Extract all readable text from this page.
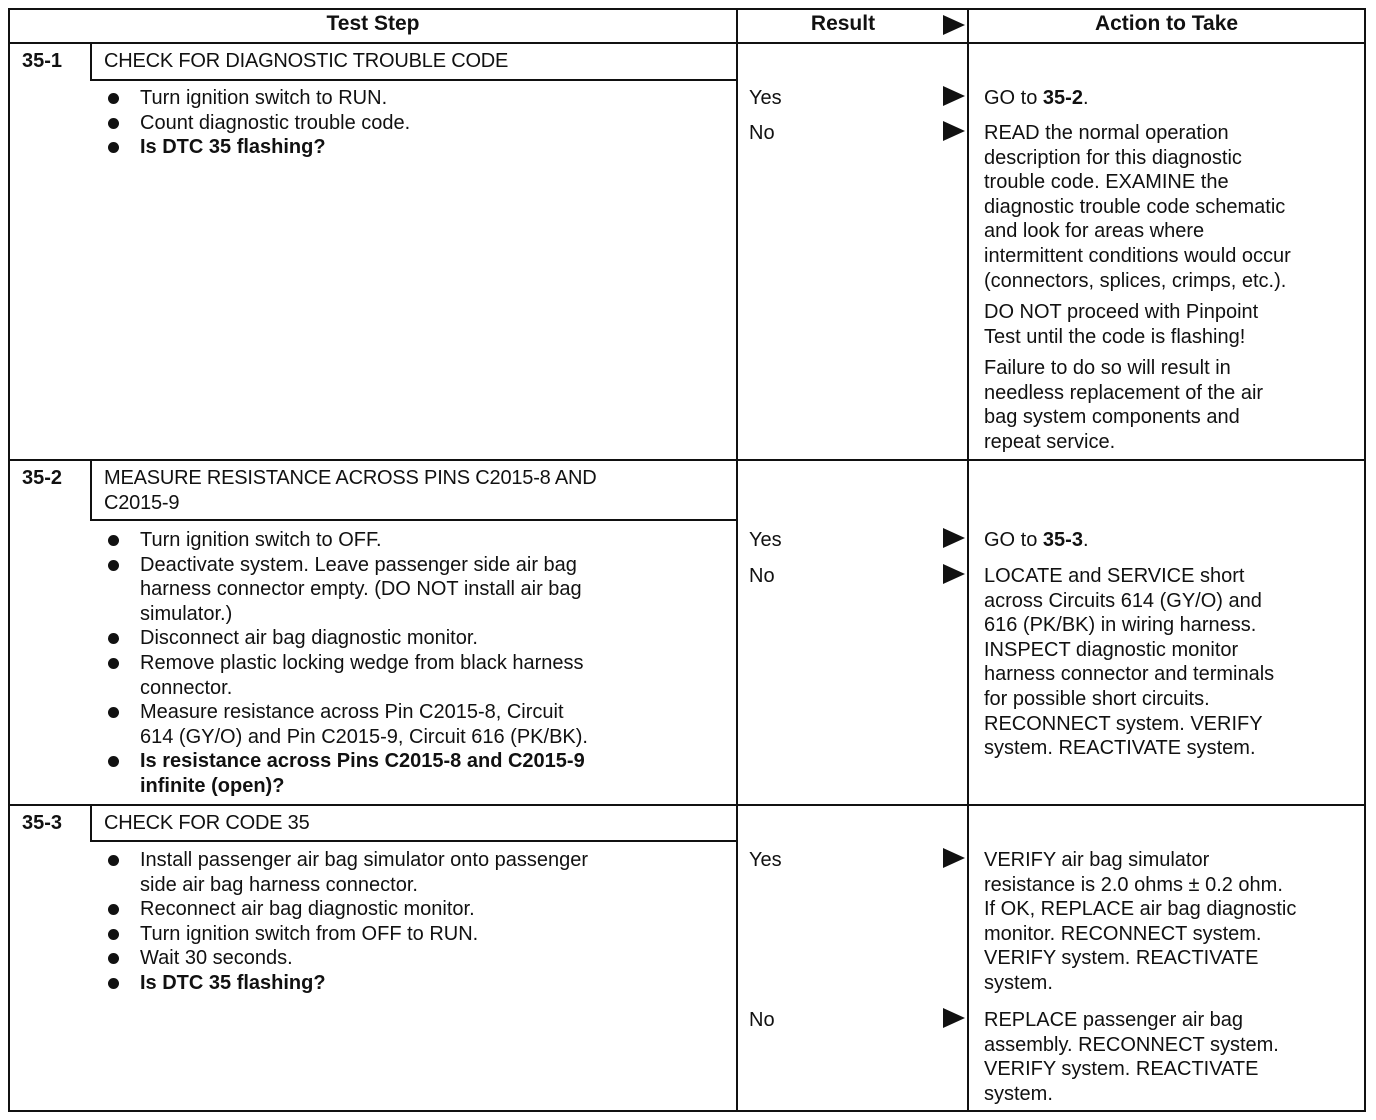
Test Step	Result	Action to Take
35-1 CHECK FOR DIAGNOSTIC TROUBLE CODE
Turn ignition switch to RUN.
Count diagnostic trouble code.
Is DTC 35 flashing?
Yes	GO to 35-2.
No	READ the normal operation
description for this diagnostic
trouble code. EXAMINE the
diagnostic trouble code schematic
and look for areas where
intermittent conditions would occur
(connectors, splices, crimps, etc.).
DO NOT proceed with Pinpoint
Test until the code is flashing!
Failure to do so will result in
needless replacement of the air
bag system components and
repeat service.
35-2 MEASURE RESISTANCE ACROSS PINS C2015-8 AND
C2015-9
Turn ignition switch to OFF.
Deactivate system. Leave passenger side air bag
harness connector empty. (DO NOT install air bag
simulator.)
Disconnect air bag diagnostic monitor.
Remove plastic locking wedge from black harness
connector.
Measure resistance across Pin C2015-8, Circuit
614 (GY/O) and Pin C2015-9, Circuit 616 (PK/BK).
Is resistance across Pins C2015-8 and C2015-9
infinite (open)?
Yes	GO to 35-3.
No	LOCATE and SERVICE short
across Circuits 614 (GY/O) and
616 (PK/BK) in wiring harness.
INSPECT diagnostic monitor
harness connector and terminals
for possible short circuits.
RECONNECT system. VERIFY
system. REACTIVATE system.
35-3 CHECK FOR CODE 35
Install passenger air bag simulator onto passenger
side air bag harness connector.
Reconnect air bag diagnostic monitor.
Turn ignition switch from OFF to RUN.
Wait 30 seconds.
Is DTC 35 flashing?
Yes	VERIFY air bag simulator
resistance is 2.0 ohms ± 0.2 ohm.
If OK, REPLACE air bag diagnostic
monitor. RECONNECT system.
VERIFY system. REACTIVATE
system.
No	REPLACE passenger air bag
assembly. RECONNECT system.
VERIFY system. REACTIVATE
system.
